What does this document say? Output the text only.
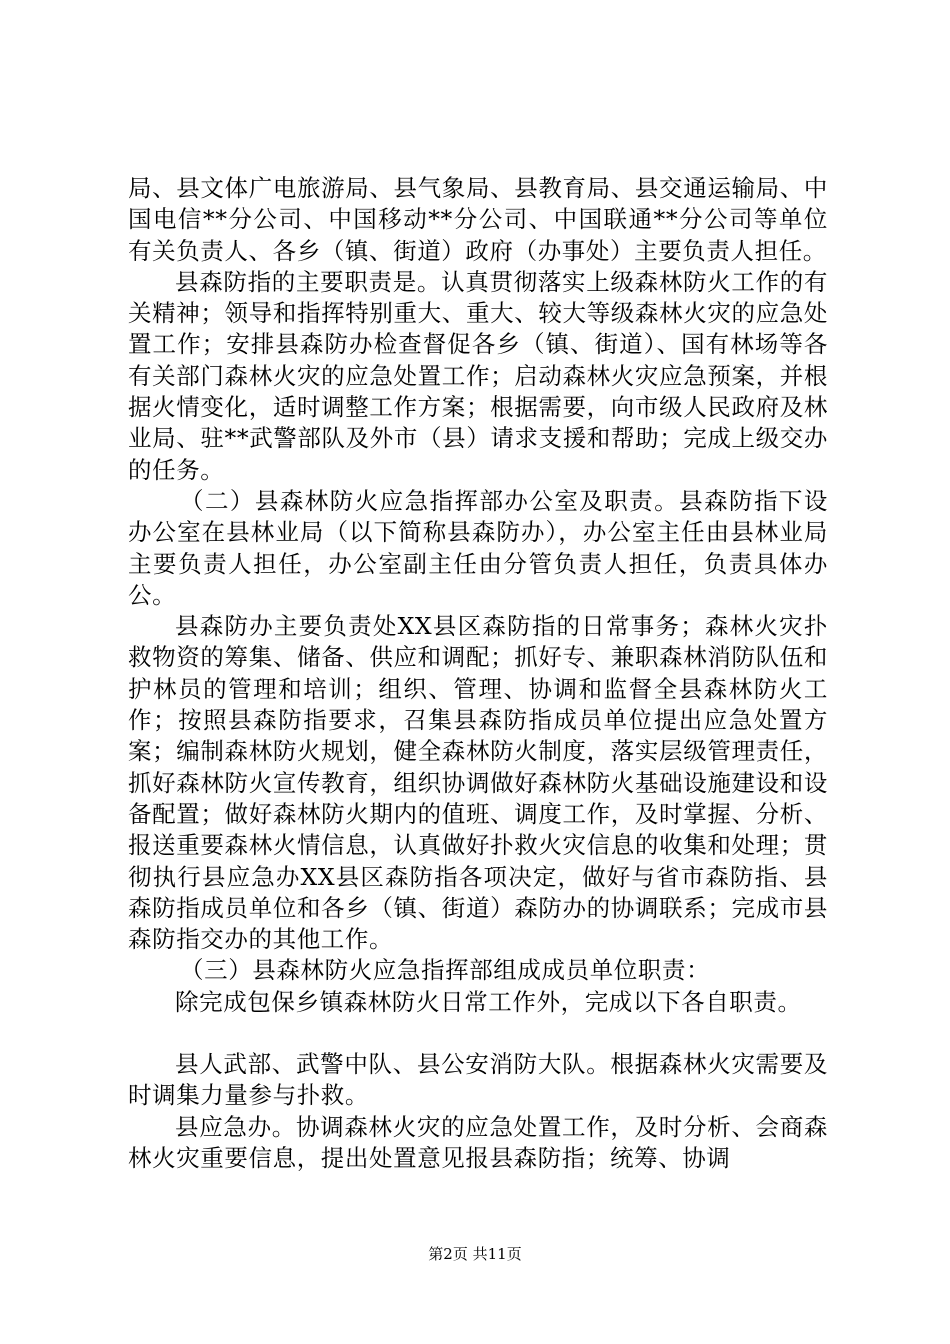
局、县文体广电旅游局、县气象局、县教育局、县交通运输局、中国电信**分公司、中国移动**分公司、中国联通**分公司等单位有关负责人、各乡（镇、街道）政府（办事处）主要负责人担任。

县森防指的主要职责是。认真贯彻落实上级森林防火工作的有关精神；领导和指挥特别重大、重大、较大等级森林火灾的应急处置工作；安排县森防办检查督促各乡（镇、街道）、国有林场等各有关部门森林火灾的应急处置工作；启动森林火灾应急预案，并根据火情变化，适时调整工作方案；根据需要，向市级人民政府及林业局、驻**武警部队及外市（县）请求支援和帮助；完成上级交办的任务。

（二）县森林防火应急指挥部办公室及职责。县森防指下设办公室在县林业局（以下简称县森防办），办公室主任由县林业局主要负责人担任，办公室副主任由分管负责人担任，负责具体办公。

县森防办主要负责处XX县区森防指的日常事务；森林火灾扑救物资的筹集、储备、供应和调配；抓好专、兼职森林消防队伍和护林员的管理和培训；组织、管理、协调和监督全县森林防火工作；按照县森防指要求，召集县森防指成员单位提出应急处置方案；编制森林防火规划，健全森林防火制度，落实层级管理责任，抓好森林防火宣传教育，组织协调做好森林防火基础设施建设和设备配置；做好森林防火期内的值班、调度工作，及时掌握、分析、报送重要森林火情信息，认真做好扑救火灾信息的收集和处理；贯彻执行县应急办XX县区森防指各项决定，做好与省市森防指、县森防指成员单位和各乡（镇、街道）森防办的协调联系；完成市县森防指交办的其他工作。

（三）县森林防火应急指挥部组成成员单位职责：

除完成包保乡镇森林防火日常工作外，完成以下各自职责。

县人武部、武警中队、县公安消防大队。根据森林火灾需要及时调集力量参与扑救。

县应急办。协调森林火灾的应急处置工作，及时分析、会商森林火灾重要信息，提出处置意见报县森防指；统筹、协调

第2页 共11页
